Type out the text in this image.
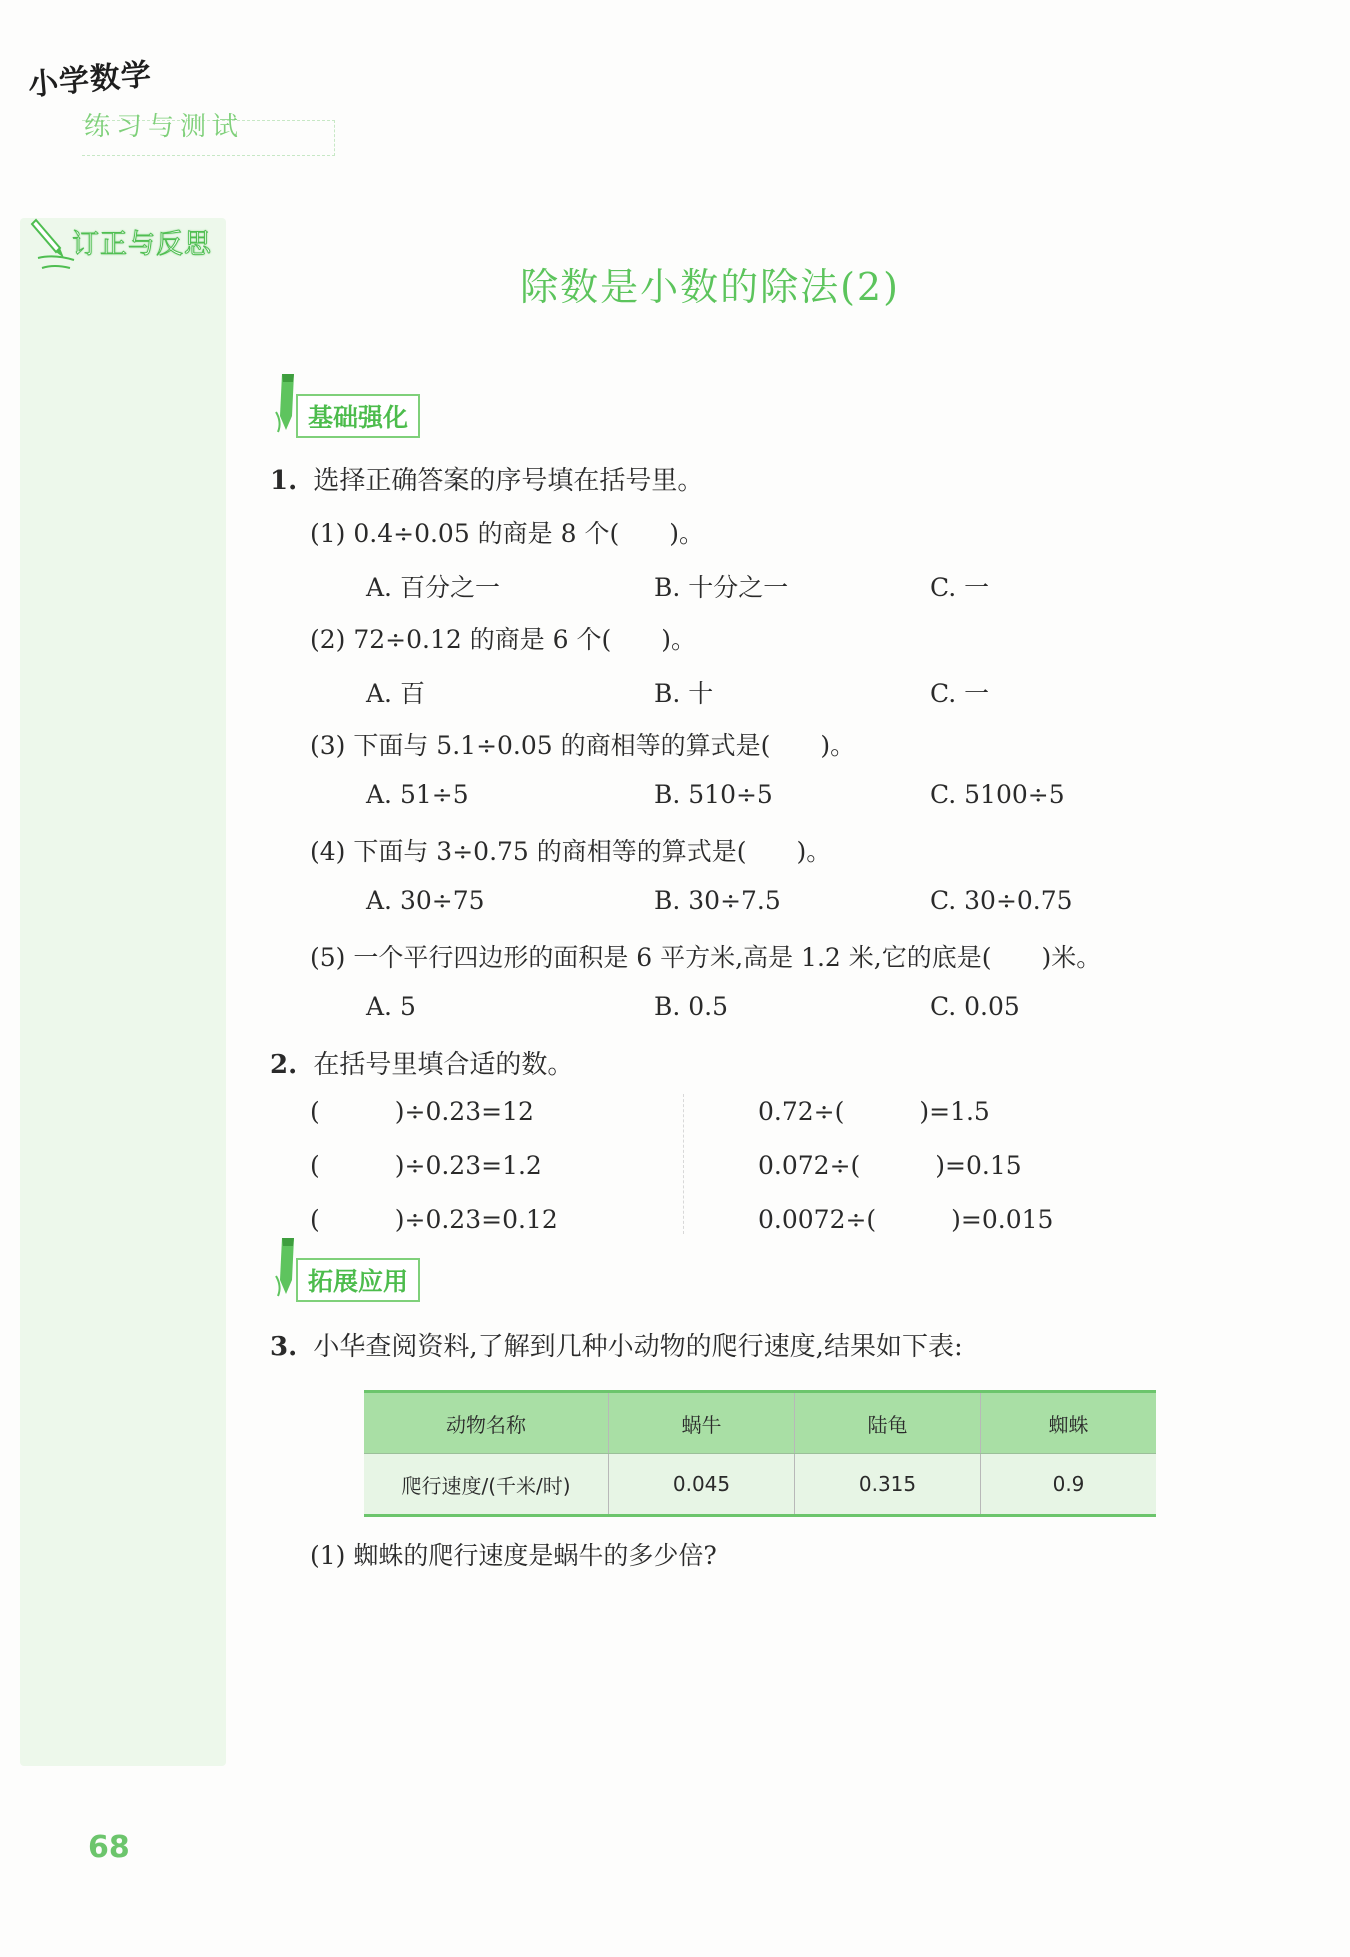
小学数学
练习与测试
订正与反思
除数是小数的除法(2)
基础强化
1. 选择正确答案的序号填在括号里。
(1) 0.4÷0.05 的商是 8 个(　　)。
A. 百分之一	B. 十分之一	C. 一
(2) 72÷0.12 的商是 6 个(　　)。
A. 百	B. 十	C. 一
(3) 下面与 5.1÷0.05 的商相等的算式是(　　)。
A. 51÷5	B. 510÷5	C. 5100÷5
(4) 下面与 3÷0.75 的商相等的算式是(　　)。
A. 30÷75	B. 30÷7.5	C. 30÷0.75
(5) 一个平行四边形的面积是 6 平方米,高是 1.2 米,它的底是(　　)米。
A. 5	B. 0.5	C. 0.05
2. 在括号里填合适的数。
(　　　)÷0.23=12
(　　　)÷0.23=1.2
(　　　)÷0.23=0.12
0.72÷(　　　)=1.5
0.072÷(　　　)=0.15
0.0072÷(　　　)=0.015
拓展应用
3. 小华查阅资料,了解到几种小动物的爬行速度,结果如下表:
动物名称	蜗牛	陆龟	蜘蛛
爬行速度/(千米/时)	0.045	0.315	0.9
(1) 蜘蛛的爬行速度是蜗牛的多少倍?
68
